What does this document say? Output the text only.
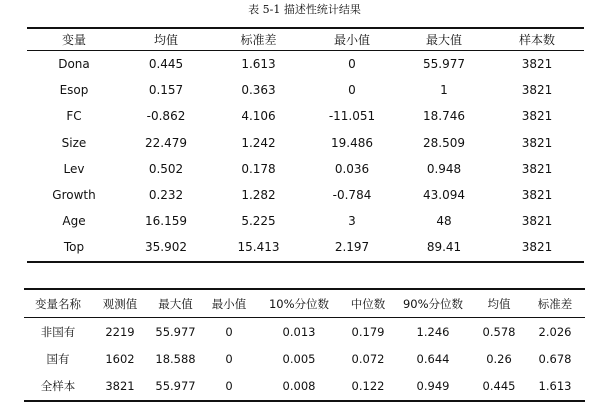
表 5-1 描述性统计结果
变量	均值	标准差	最小值	最大值	样本数
Dona	0.445	1.613	0	55.977	3821
Esop	0.157	0.363	0	1	3821
FC	-0.862	4.106	-11.051	18.746	3821
Size	22.479	1.242	19.486	28.509	3821
Lev	0.502	0.178	0.036	0.948	3821
Growth	0.232	1.282	-0.784	43.094	3821
Age	16.159	5.225	3	48	3821
Top	35.902	15.413	2.197	89.41	3821
变量名称	观测值	最大值	最小值	10%分位数	中位数	90%分位数	均值	标准差
非国有	2219	55.977	0	0.013	0.179	1.246	0.578	2.026
国有	1602	18.588	0	0.005	0.072	0.644	0.26	0.678
全样本	3821	55.977	0	0.008	0.122	0.949	0.445	1.613
